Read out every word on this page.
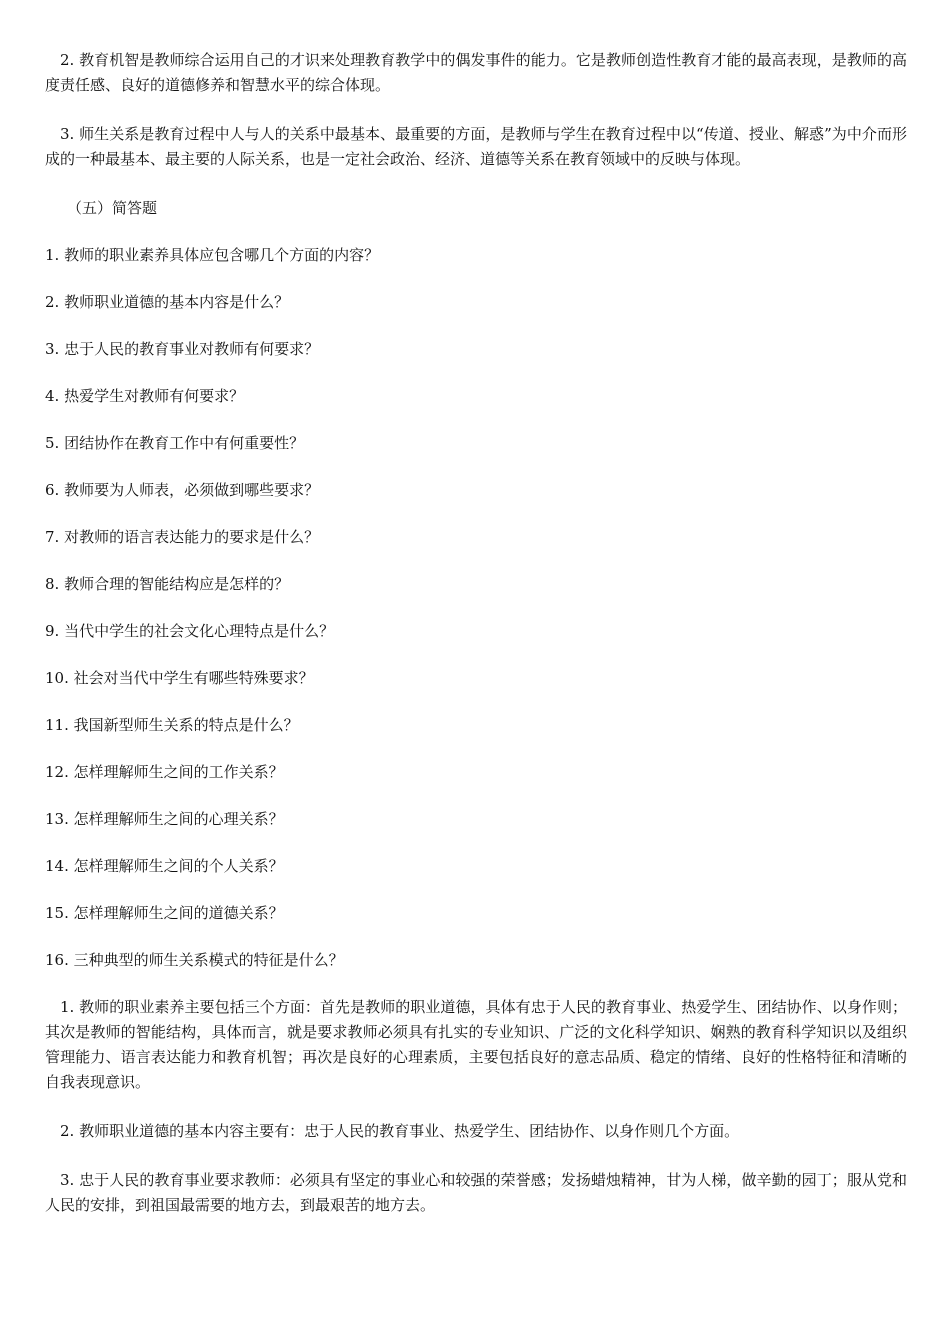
2. 教育机智是教师综合运用自己的才识来处理教育教学中的偶发事件的能力。它是教师创造性教育才能的最高表现，是教师的高度责任感、良好的道德修养和智慧水平的综合体现。

3. 师生关系是教育过程中人与人的关系中最基本、最重要的方面，是教师与学生在教育过程中以“传道、授业、解惑”为中介而形成的一种最基本、最主要的人际关系，也是一定社会政治、经济、道德等关系在教育领域中的反映与体现。

（五）简答题

1. 教师的职业素养具体应包含哪几个方面的内容？

2. 教师职业道德的基本内容是什么？

3. 忠于人民的教育事业对教师有何要求？

4. 热爱学生对教师有何要求？

5. 团结协作在教育工作中有何重要性？

6. 教师要为人师表，必须做到哪些要求？

7. 对教师的语言表达能力的要求是什么？

8. 教师合理的智能结构应是怎样的？

9. 当代中学生的社会文化心理特点是什么？

10. 社会对当代中学生有哪些特殊要求？

11. 我国新型师生关系的特点是什么？

12. 怎样理解师生之间的工作关系？

13. 怎样理解师生之间的心理关系？

14. 怎样理解师生之间的个人关系？

15. 怎样理解师生之间的道德关系？

16. 三种典型的师生关系模式的特征是什么？

1. 教师的职业素养主要包括三个方面：首先是教师的职业道德，具体有忠于人民的教育事业、热爱学生、团结协作、以身作则；其次是教师的智能结构，具体而言，就是要求教师必须具有扎实的专业知识、广泛的文化科学知识、娴熟的教育科学知识以及组织管理能力、语言表达能力和教育机智；再次是良好的心理素质，主要包括良好的意志品质、稳定的情绪、良好的性格特征和清晰的自我表现意识。

2. 教师职业道德的基本内容主要有：忠于人民的教育事业、热爱学生、团结协作、以身作则几个方面。

3. 忠于人民的教育事业要求教师：必须具有坚定的事业心和较强的荣誉感；发扬蜡烛精神，甘为人梯，做辛勤的园丁；服从党和人民的安排，到祖国最需要的地方去，到最艰苦的地方去。
